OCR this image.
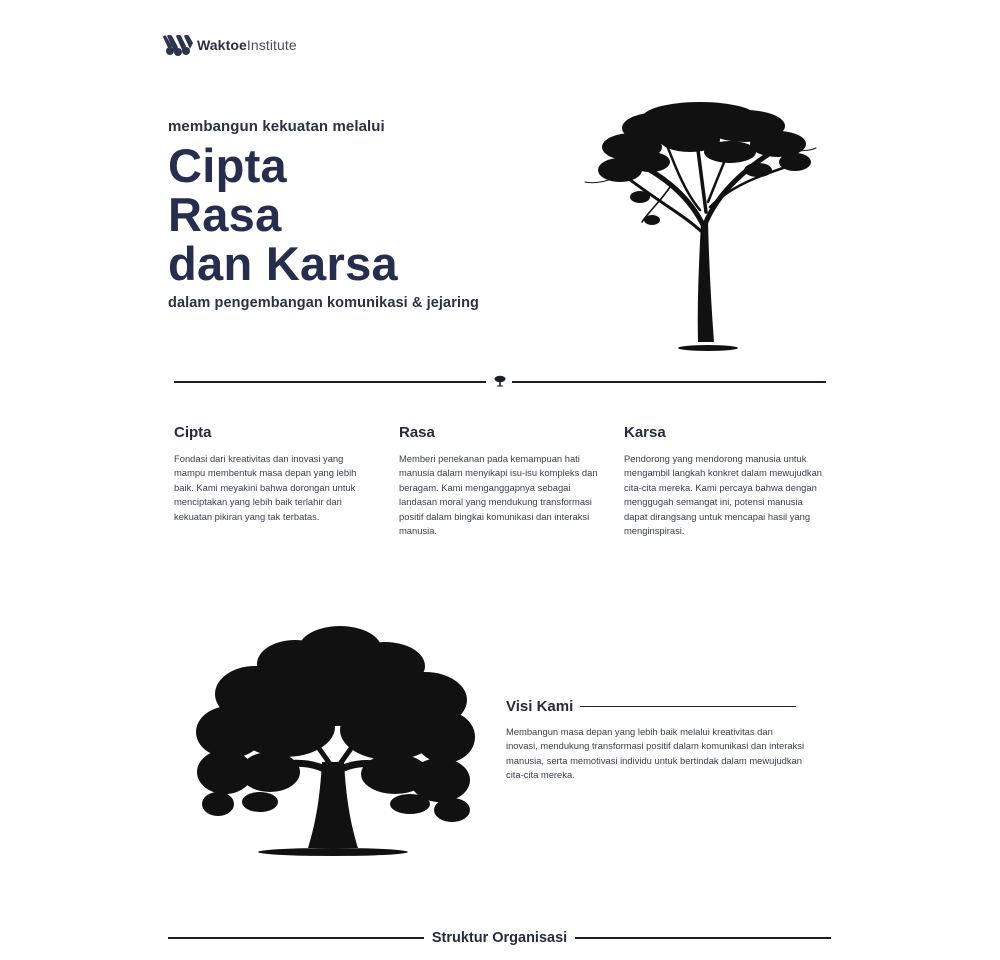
WaktoeInstitute
membangun kekuatan melalui
Cipta
Rasa
dan Karsa
dalam pengembangan komunikasi & jejaring
Cipta

Fondasi dari kreativitas dan inovasi yang mampu membentuk masa depan yang lebih baik. Kami meyakini bahwa dorongan untuk menciptakan yang lebih baik terlahir dari kekuatan pikiran yang tak terbatas.

Rasa

Memberi penekanan pada kemampuan hati manusia dalam menyikapi isu-isu kompleks dan beragam. Kami menganggapnya sebagai landasan moral yang mendukung transformasi positif dalam bingkai komunikasi dan interaksi manusia.

Karsa

Pendorong yang mendorong manusia untuk mengambil langkah konkret dalam mewujudkan cita-cita mereka. Kami percaya bahwa dengan menggugah semangat ini, potensi manusia dapat dirangsang untuk mencapai hasil yang menginspirasi.

Visi Kami

Membangun masa depan yang lebih baik melalui kreativitas dan inovasi, mendukung transformasi positif dalam komunikasi dan interaksi manusia, serta memotivasi individu untuk bertindak dalam mewujudkan cita-cita mereka.

Struktur Organisasi
